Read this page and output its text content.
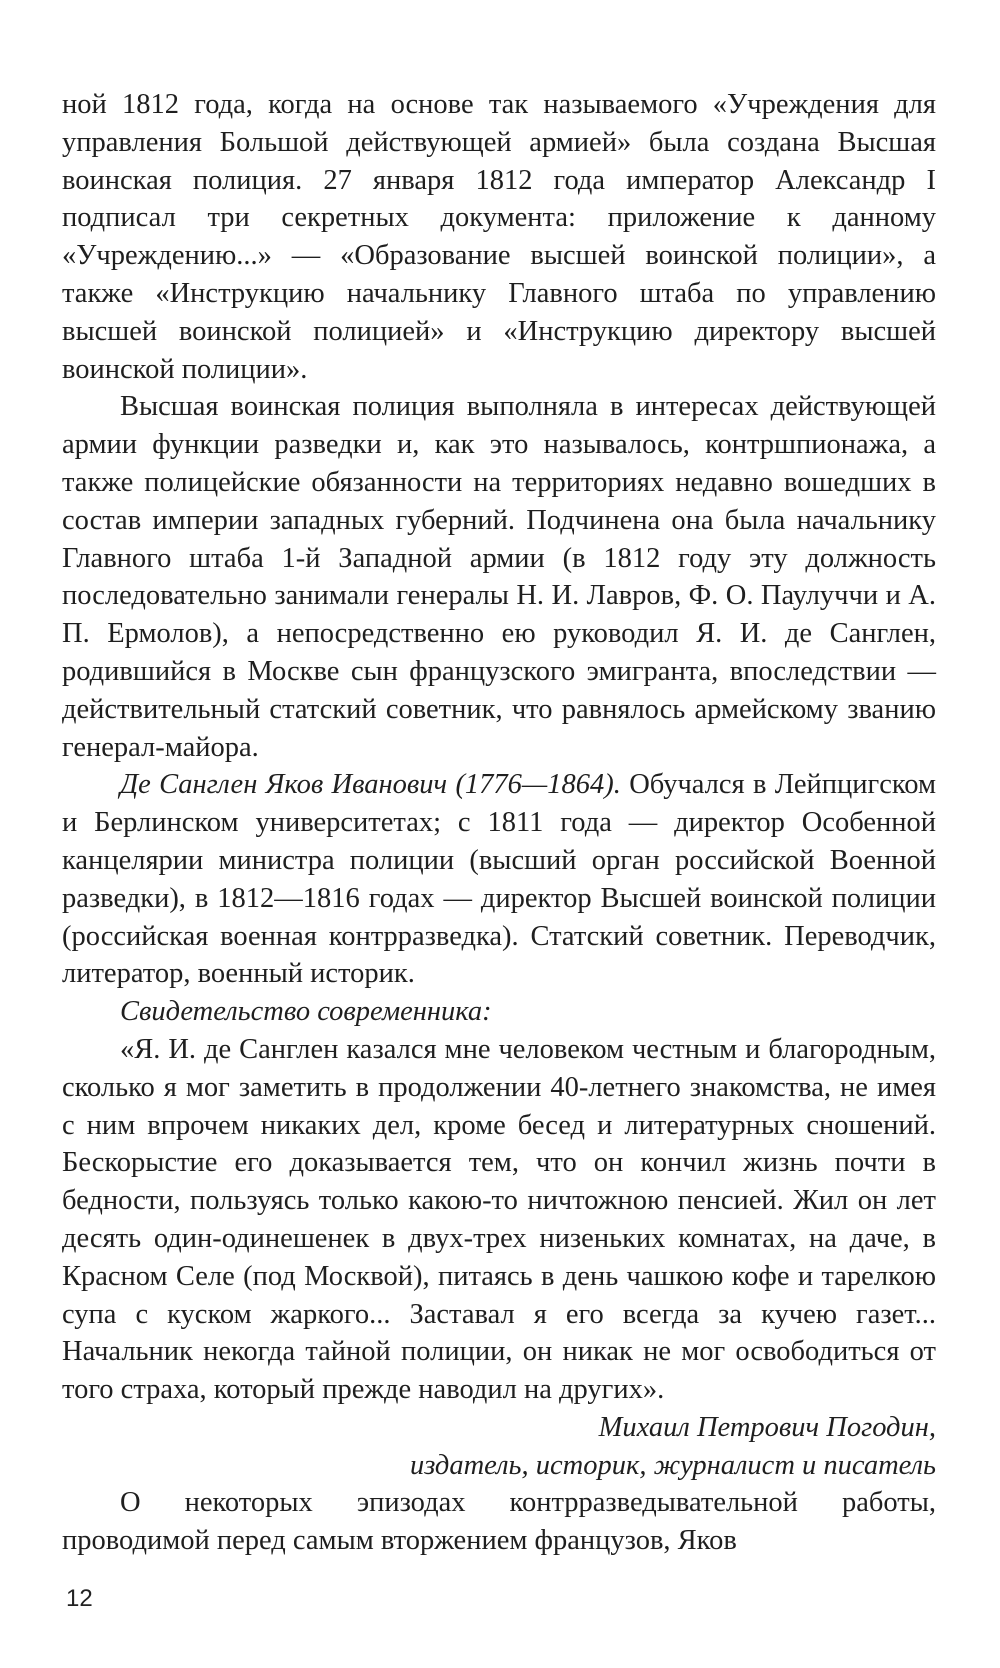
ной 1812 года, когда на основе так называемого «Учреждения для управления Большой действующей армией» была создана Высшая воинская полиция. 27 января 1812 года император Александр I подписал три секретных документа: приложение к данному «Учреждению...» — «Образование высшей воинской полиции», а также «Инструкцию начальнику Главного штаба по управлению высшей воинской полицией» и «Инструкцию директору высшей воинской полиции».

Высшая воинская полиция выполняла в интересах действующей армии функции разведки и, как это называлось, контршпионажа, а также полицейские обязанности на территориях недавно вошедших в состав империи западных губерний. Подчинена она была начальнику Главного штаба 1-й Западной армии (в 1812 году эту должность последовательно занимали генералы Н. И. Лавров, Ф. О. Паулуччи и А. П. Ермолов), а непосредственно ею руководил Я. И. де Санглен, родившийся в Москве сын французского эмигранта, впоследствии — действительный статский советник, что равнялось армейскому званию генерал-майора.

Де Санглен Яков Иванович (1776—1864). Обучался в Лейпцигском и Берлинском университетах; с 1811 года — директор Особенной канцелярии министра полиции (высший орган российской Военной разведки), в 1812—1816 годах — директор Высшей воинской полиции (российская военная контрразведка). Статский советник. Переводчик, литератор, военный историк.

Свидетельство современника:

«Я. И. де Санглен казался мне человеком честным и благородным, сколько я мог заметить в продолжении 40-летнего знакомства, не имея с ним впрочем никаких дел, кроме бесед и литературных сношений. Бескорыстие его доказывается тем, что он кончил жизнь почти в бедности, пользуясь только какою-то ничтожною пенсией. Жил он лет десять один-одинешенек в двух-трех низеньких комнатах, на даче, в Красном Селе (под Москвой), питаясь в день чашкою кофе и тарелкою супа с куском жаркого... Заставал я его всегда за кучею газет... Начальник некогда тайной полиции, он никак не мог освободиться от того страха, который прежде наводил на других».

Михаил Петрович Погодин,

издатель, историк, журналист и писатель

О некоторых эпизодах контрразведывательной работы, проводимой перед самым вторжением французов, Яков

12
